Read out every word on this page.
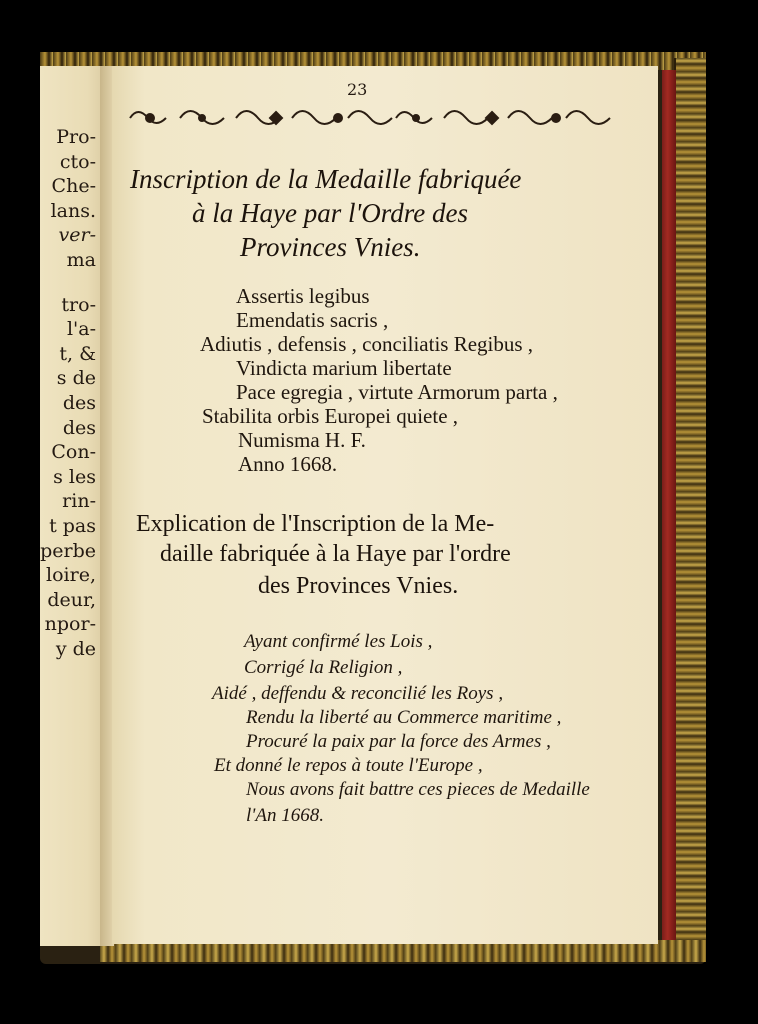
Pro-
cto-
Che-
lans.
ver-
ma
tro-
l'a-
t, &
s de
des
des
Con-
s les
rin-
t pas
perbe
loire,
deur,
npor-
y de
23
Inscription de la Medaille fabriquée
à la Haye par l'Ordre des
Provinces Vnies.
Assertis legibus
Emendatis sacris ,
Adiutis , defensis , conciliatis Regibus ,
Vindicta marium libertate
Pace egregia , virtute Armorum parta ,
Stabilita orbis Europei quiete ,
Numisma H. F.
Anno 1668.
Explication de l'Inscription de la Me-
daille fabriquée à la Haye par l'ordre
des Provinces Vnies.
Ayant confirmé les Lois ,
Corrigé la Religion ,
Aidé , deffendu & reconcilié les Roys ,
Rendu la liberté au Commerce maritime ,
Procuré la paix par la force des Armes ,
Et donné le repos à toute l'Europe ,
Nous avons fait battre ces pieces de Medaille
l'An 1668.
